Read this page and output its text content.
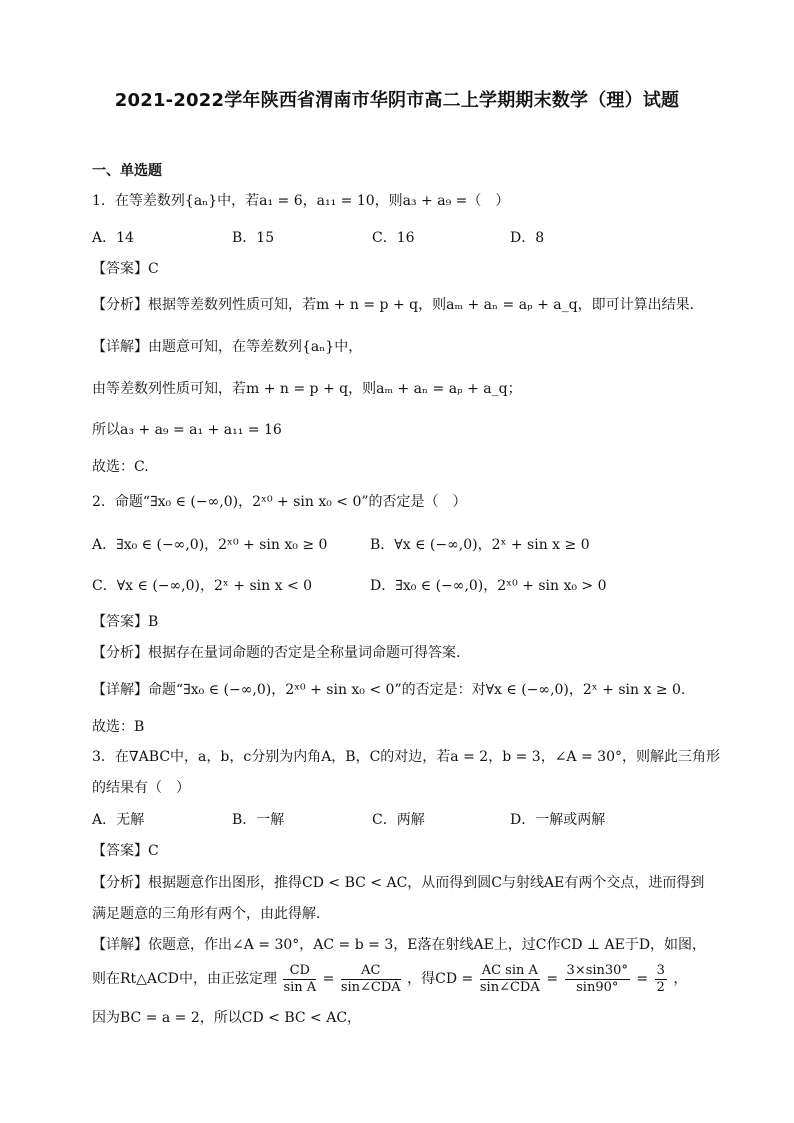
2021-2022学年陕西省渭南市华阴市高二上学期期末数学（理）试题
一、单选题
1．在等差数列{aₙ}中，若a₁ = 6，a₁₁ = 10，则a₃ + a₉ =（　）
A．14	B．15	C．16	D．8
【答案】C
【分析】根据等差数列性质可知，若m + n = p + q，则aₘ + aₙ = aₚ + a_q，即可计算出结果.
【详解】由题意可知，在等差数列{aₙ}中，
由等差数列性质可知，若m + n = p + q，则aₘ + aₙ = aₚ + a_q；
所以a₃ + a₉ = a₁ + a₁₁ = 16
故选：C.
2．命题“∃x₀ ∈ (−∞,0)，2ˣ⁰ + sin x₀ < 0”的否定是（　）
A．∃x₀ ∈ (−∞,0)，2ˣ⁰ + sin x₀ ≥ 0	B．∀x ∈ (−∞,0)，2ˣ + sin x ≥ 0
C．∀x ∈ (−∞,0)，2ˣ + sin x < 0	D．∃x₀ ∈ (−∞,0)，2ˣ⁰ + sin x₀ > 0
【答案】B
【分析】根据存在量词命题的否定是全称量词命题可得答案.
【详解】命题“∃x₀ ∈ (−∞,0)，2ˣ⁰ + sin x₀ < 0”的否定是：对∀x ∈ (−∞,0)，2ˣ + sin x ≥ 0.
故选：B
3．在∇ABC中，a，b，c分别为内角A，B，C的对边，若a = 2，b = 3，∠A = 30°，则解此三角形
的结果有（　）
A．无解	B．一解	C．两解	D．一解或两解
【答案】C
【分析】根据题意作出图形，推得CD < BC < AC，从而得到圆C与射线AE有两个交点，进而得到
满足题意的三角形有两个，由此得解.
【详解】依题意，作出∠A = 30°，AC = b = 3，E落在射线AE上，过C作CD ⊥ AE于D，如图，
则在Rt△ACD中，由正弦定理 $\frac{CD}{\text{sin A}} = \frac{AC}{\text{sin∠CDA}}$ ，得CD = $\frac{\text{AC sin A}}{\text{sin∠CDA}} = \frac{3\times\sin 30^\circ}{\sin 90^\circ} = \frac{3}{2}$ ，
因为BC = a = 2，所以CD < BC < AC，
